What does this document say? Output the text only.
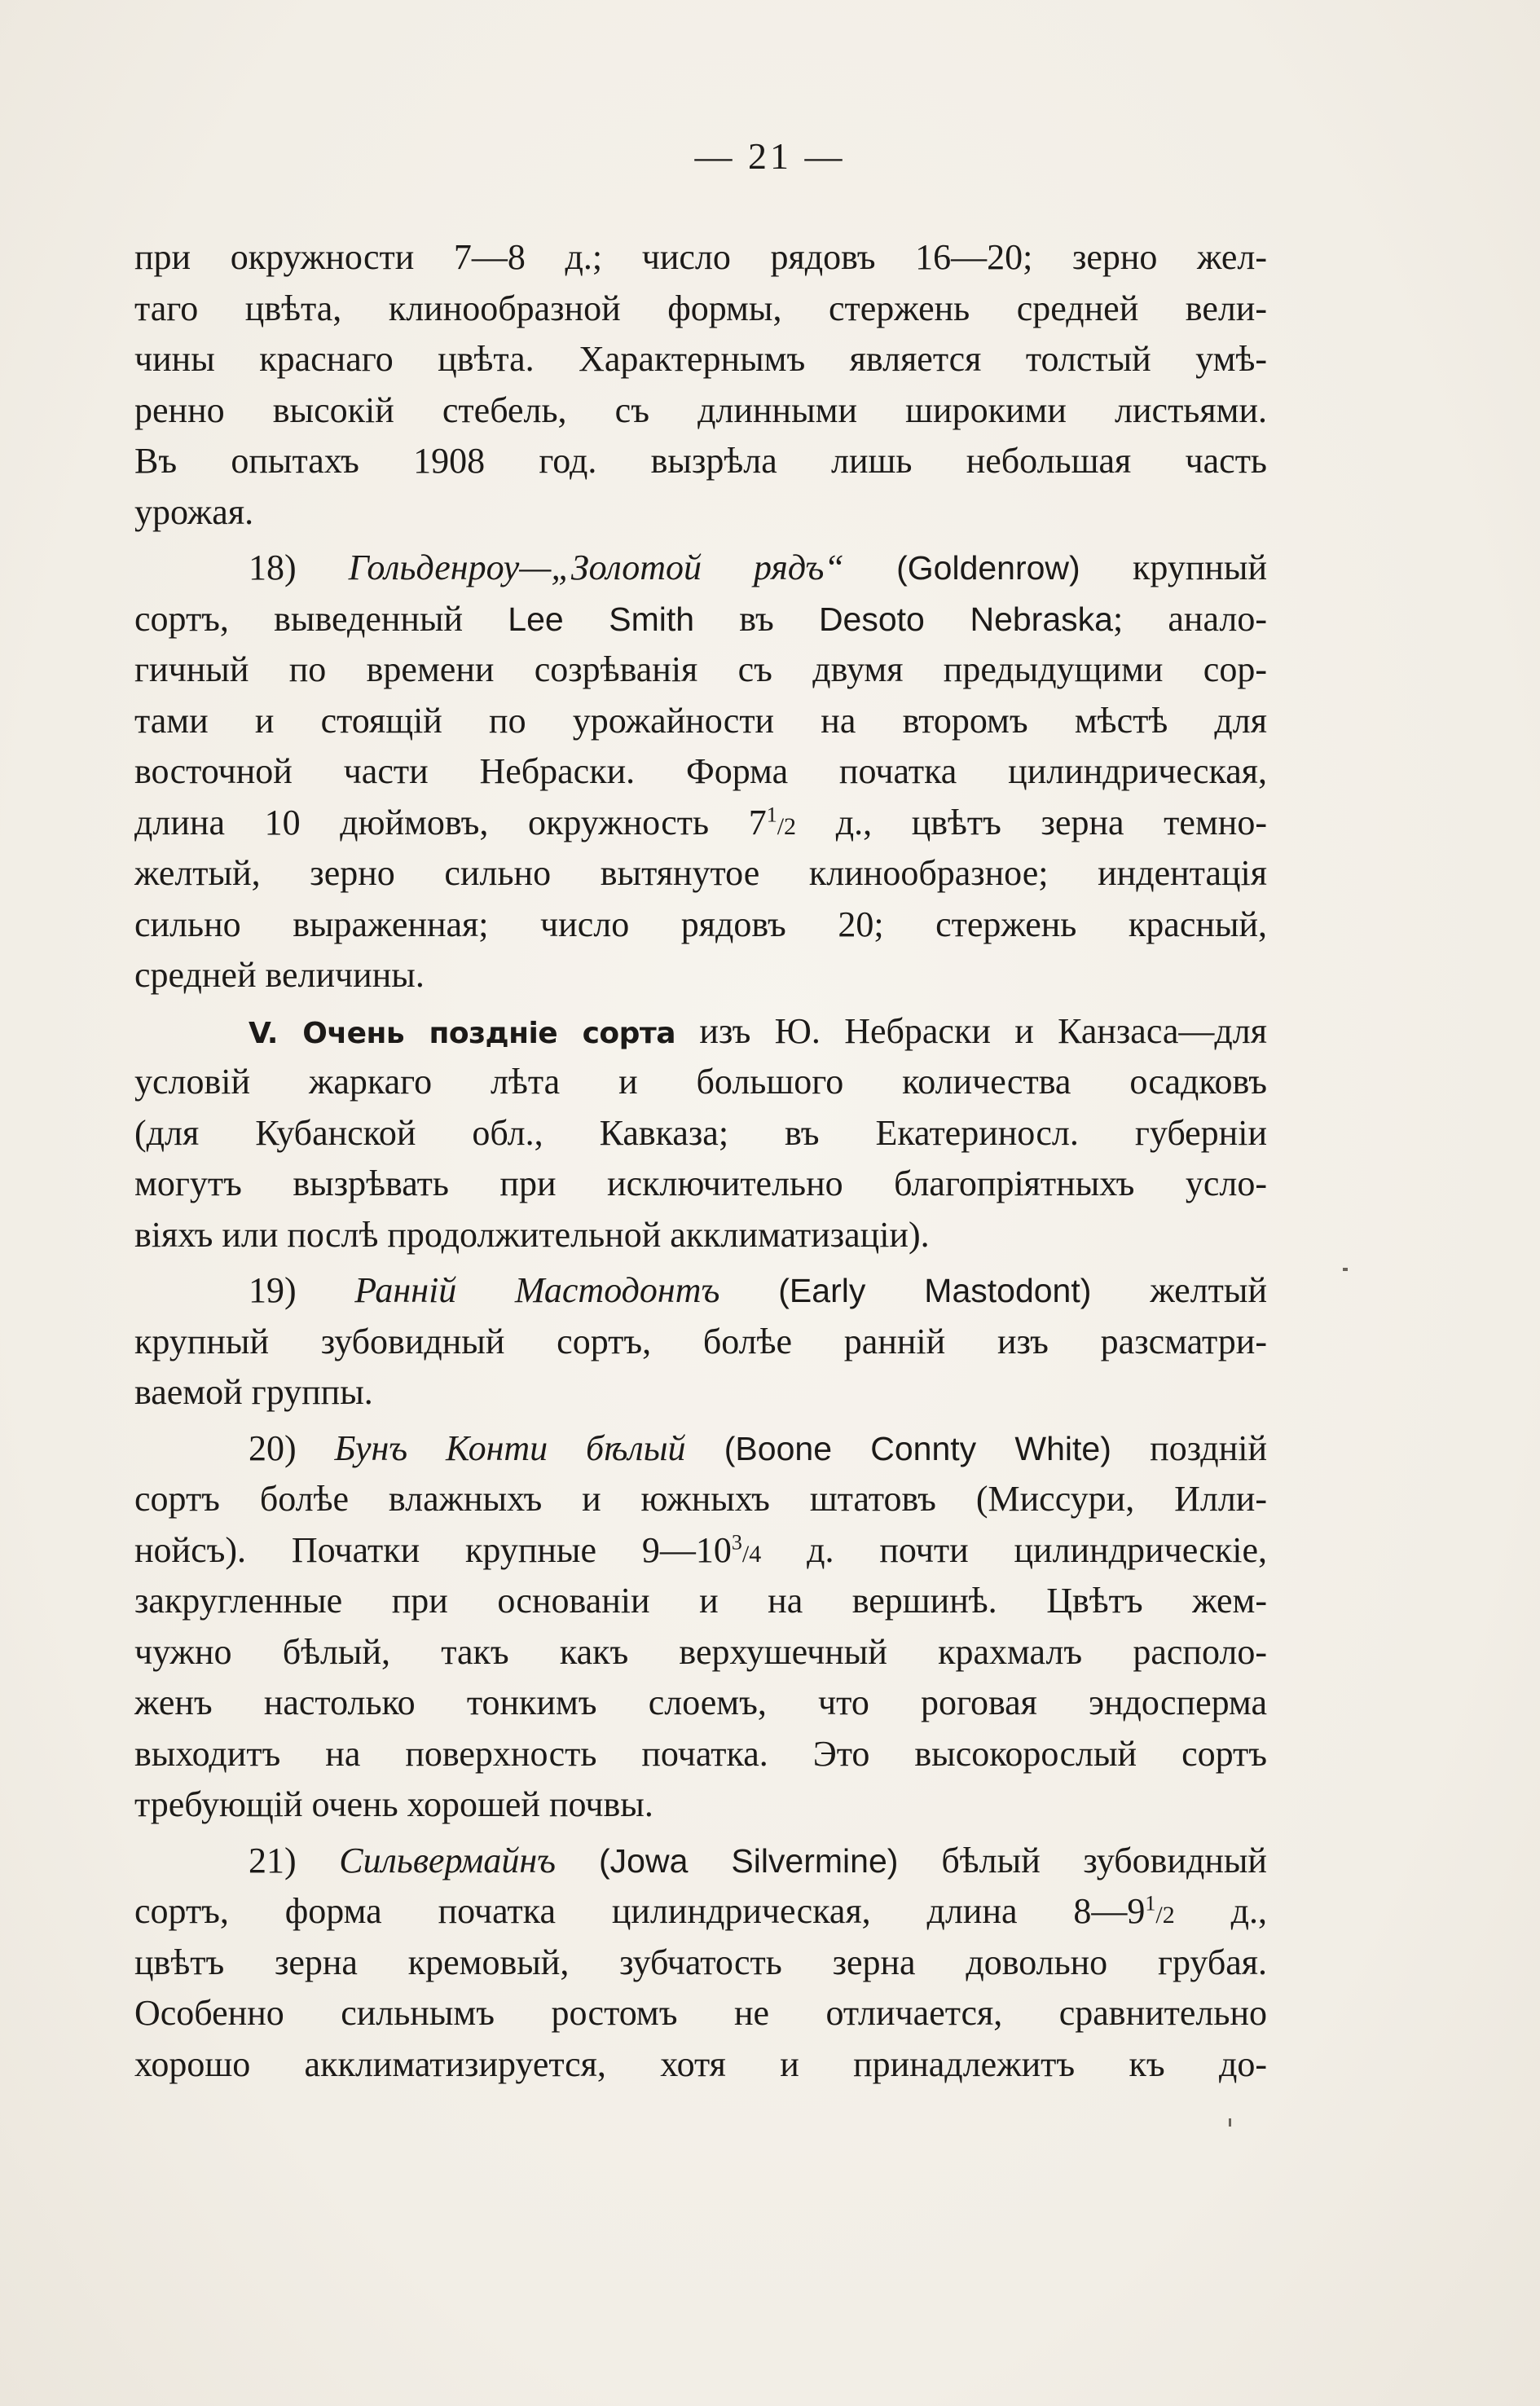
— 21 —
при окружности 7—8 д.; число рядовъ 16—20; зерно жел-
таго цвѣта, клинообразной формы, стержень средней вели-
чины краснаго цвѣта. Характернымъ является толстый умѣ-
ренно высокій стебель, съ длинными широкими листьями.
Въ опытахъ 1908 год. вызрѣла лишь небольшая часть
урожая.
18) Гольденроу—„Золотой рядъ“ (Goldenrow) крупный
сортъ, выведенный Lee Smith въ Desoto Nebraska; анало-
гичный по времени созрѣванія съ двумя предыдущими сор-
тами и стоящій по урожайности на второмъ мѣстѣ для
восточной части Небраски. Форма початка цилиндрическая,
длина 10 дюймовъ, окружность $7^1/2$ д., цвѣтъ зерна темно-
желтый, зерно сильно вытянутое клинообразное; индентація
сильно выраженная; число рядовъ 20; стержень красный,
средней величины.
V. Очень поздніе сорта изъ Ю. Небраски и Канзаса—для
условій жаркаго лѣта и большого количества осадковъ
(для Кубанской обл., Кавказа; въ Екатериносл. губерніи
могутъ вызрѣвать при исключительно благопріятныхъ усло-
віяхъ или послѣ продолжительной акклиматизаціи).
19) Ранній Мастодонтъ (Early Mastodont) желтый
крупный зубовидный сортъ, болѣе ранній изъ разсматри-
ваемой группы.
20) Бунъ Конти бѣлый (Boone Connty White) поздній
сортъ болѣе влажныхъ и южныхъ штатовъ (Миссури, Илли-
нойсъ). Початки крупные $9—10^3/4$ д. почти цилиндрическіе,
закругленные при основаніи и на вершинѣ. Цвѣтъ жем-
чужно бѣлый, такъ какъ верхушечный крахмалъ располо-
женъ настолько тонкимъ слоемъ, что роговая эндосперма
выходитъ на поверхность початка. Это высокорослый сортъ
требующій очень хорошей почвы.
21) Сильвермайнъ (Jowa Silvermine) бѣлый зубовидный
сортъ, форма початка цилиндрическая, длина $8—9^1/2$ д.,
цвѣтъ зерна кремовый, зубчатость зерна довольно грубая.
Особенно сильнымъ ростомъ не отличается, сравнительно
хорошо акклиматизируется, хотя и принадлежитъ къ до-
